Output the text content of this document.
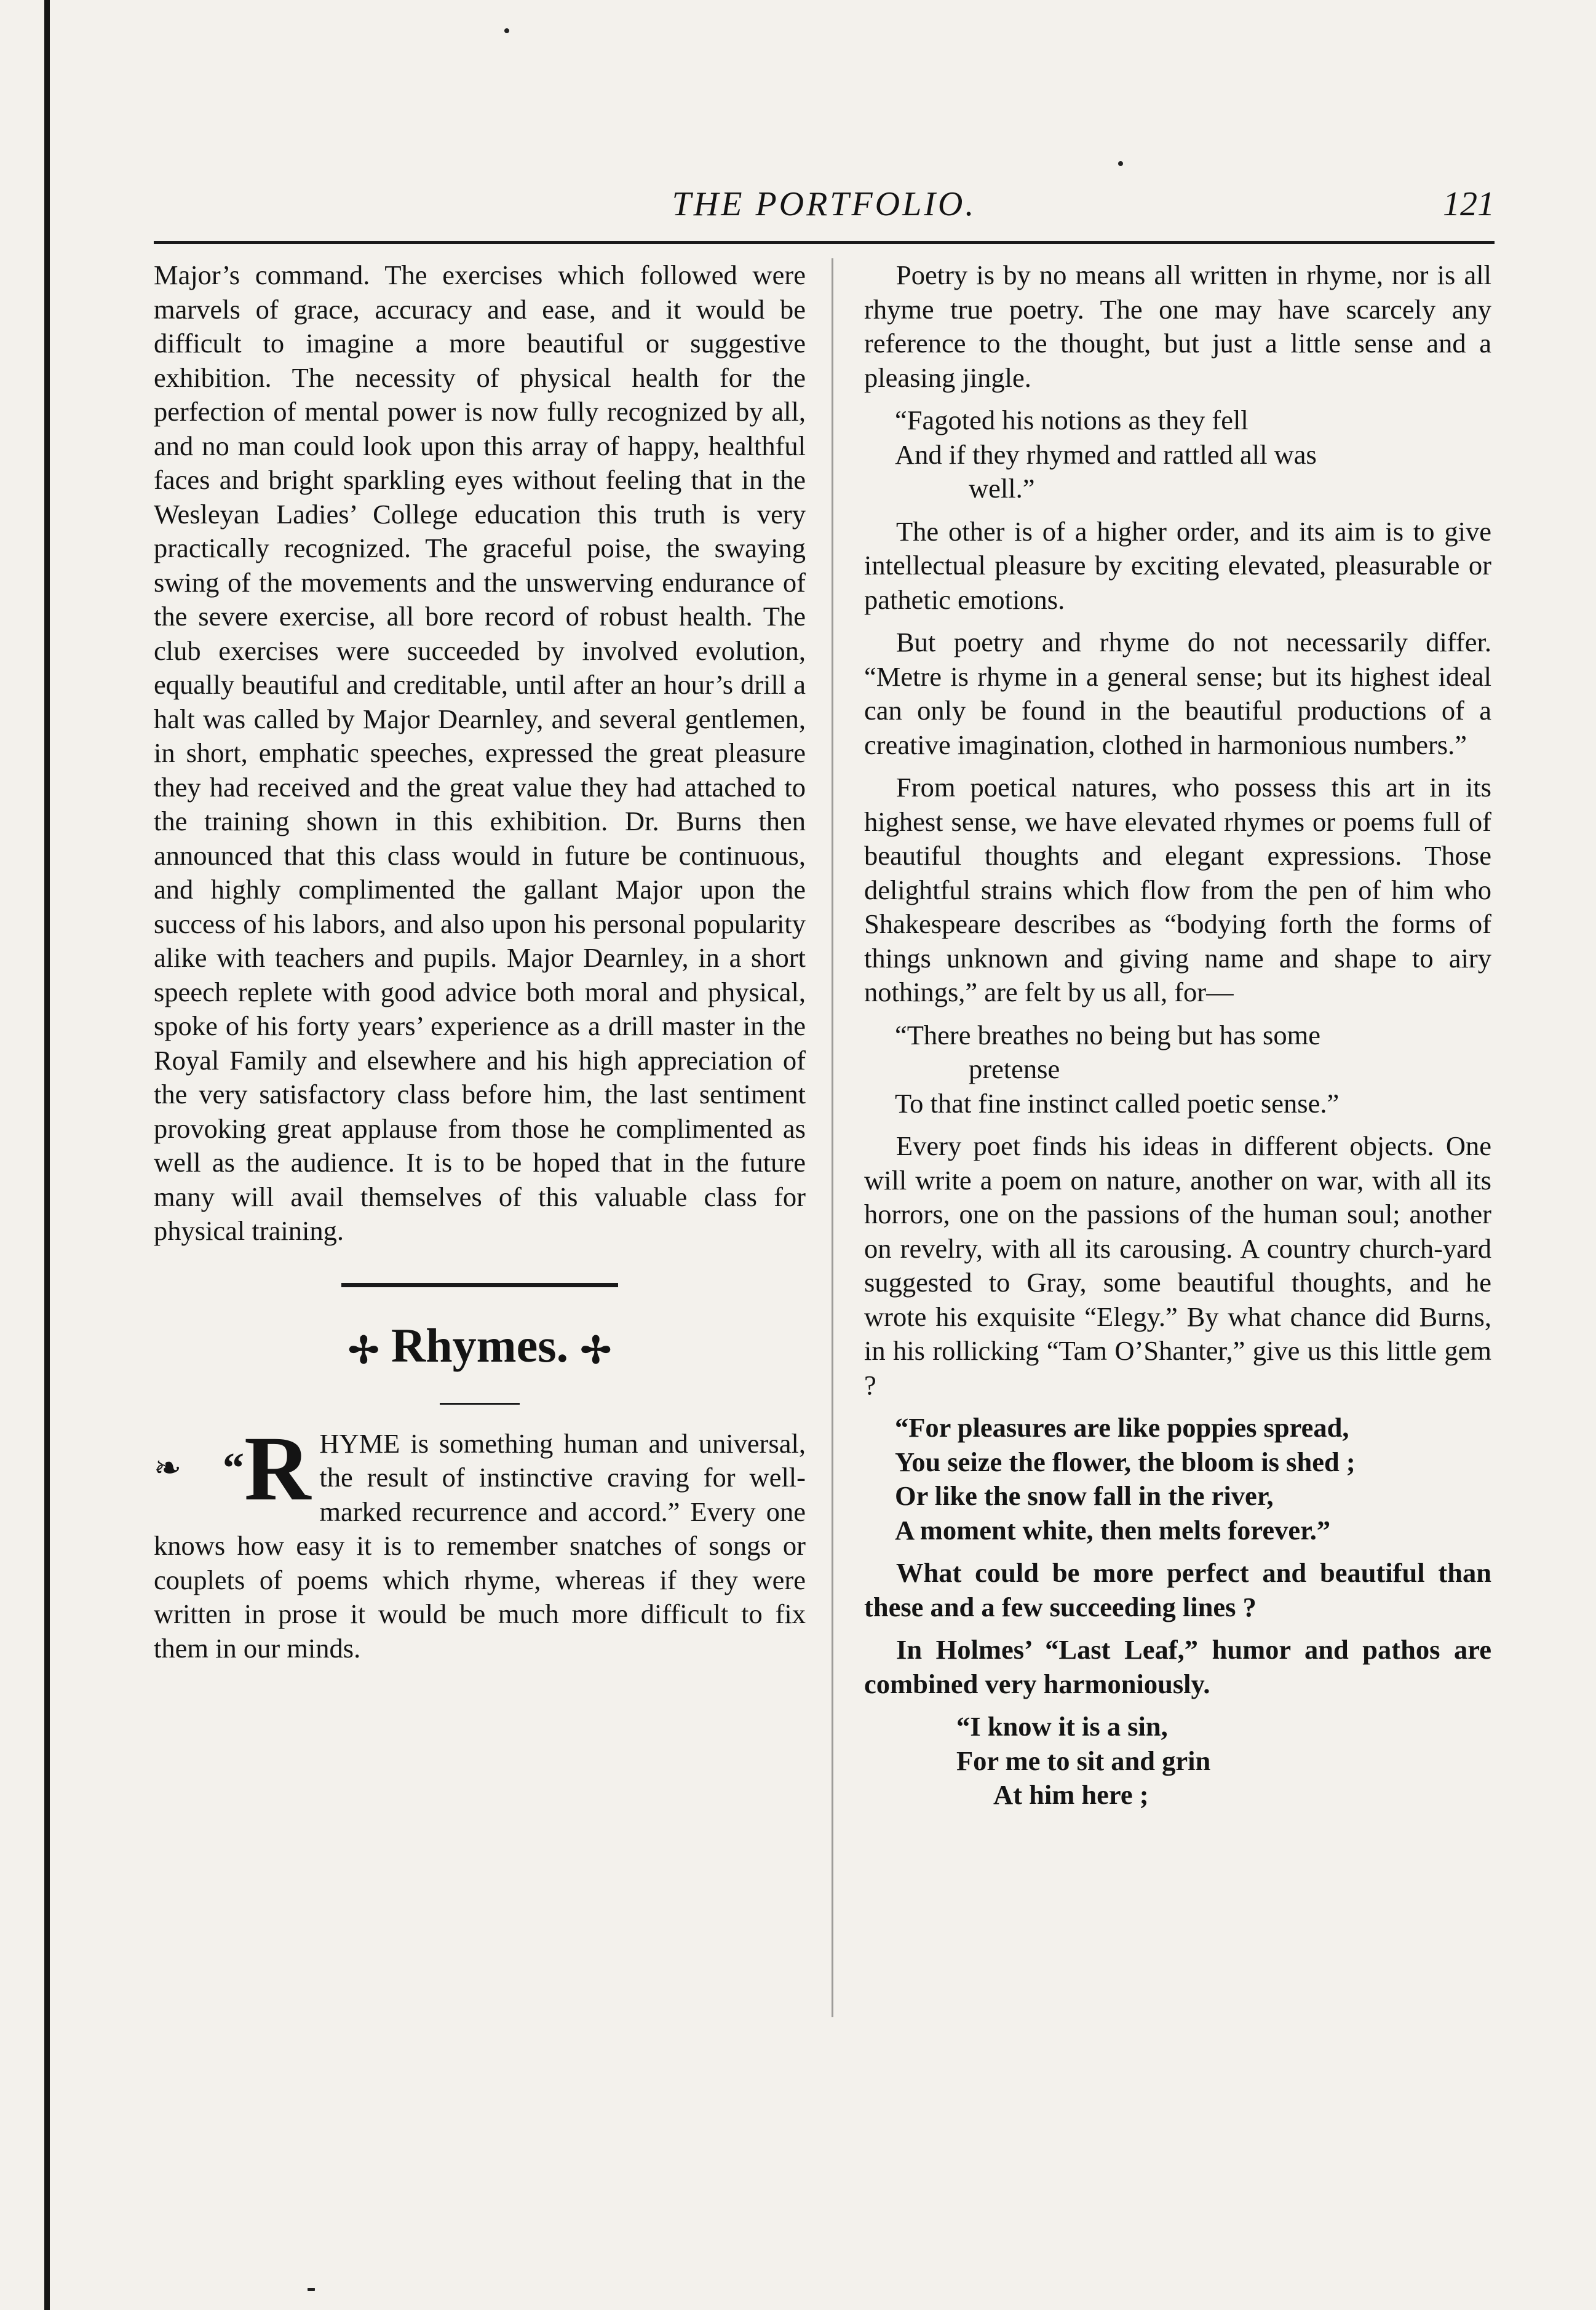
THE PORTFOLIO.	121

Major’s command. The exercises which followed were marvels of grace, accuracy and ease, and it would be difficult to imagine a more beautiful or suggestive exhibition. The necessity of physical health for the perfection of mental power is now fully recognized by all, and no man could look upon this array of happy, healthful faces and bright sparkling eyes without feeling that in the Wesleyan Ladies’ College education this truth is very practically recognized. The graceful poise, the swaying swing of the movements and the unswerving endurance of the severe exercise, all bore record of robust health. The club exercises were succeeded by involved evolution, equally beautiful and creditable, until after an hour’s drill a halt was called by Major Dearnley, and several gentlemen, in short, emphatic speeches, expressed the great pleasure they had received and the great value they had attached to the training shown in this exhibition. Dr. Burns then announced that this class would in future be continuous, and highly complimented the gallant Major upon the success of his labors, and also upon his personal popularity alike with teachers and pupils. Major Dearnley, in a short speech replete with good advice both moral and physical, spoke of his forty years’ experience as a drill master in the Royal Family and elsewhere and his high appreciation of the very satisfactory class before him, the last sentiment provoking great applause from those he complimented as well as the audience. It is to be hoped that in the future many will avail themselves of this valuable class for physical training.

✢ Rhymes. ✢
❧ “R HYME is something human and universal, the result of instinctive craving for well-marked recurrence and accord.” Every one knows how easy it is to remember snatches of songs or couplets of poems which rhyme, whereas if they were written in prose it would be much more difficult to fix them in our minds.

Poetry is by no means all written in rhyme, nor is all rhyme true poetry. The one may have scarcely any reference to the thought, but just a little sense and a pleasing jingle.

“Fagoted his notions as they fell
And if they rhymed and rattled all was
well.”

The other is of a higher order, and its aim is to give intellectual pleasure by exciting elevated, pleasurable or pathetic emotions.

But poetry and rhyme do not necessarily differ. “Metre is rhyme in a general sense; but its highest ideal can only be found in the beautiful productions of a creative imagination, clothed in harmonious numbers.”

From poetical natures, who possess this art in its highest sense, we have elevated rhymes or poems full of beautiful thoughts and elegant expressions. Those delightful strains which flow from the pen of him who Shakespeare describes as “bodying forth the forms of things unknown and giving name and shape to airy nothings,” are felt by us all, for—

“There breathes no being but has some
pretense
To that fine instinct called poetic sense.”

Every poet finds his ideas in different objects. One will write a poem on nature, another on war, with all its horrors, one on the passions of the human soul; another on revelry, with all its carousing. A country church-yard suggested to Gray, some beautiful thoughts, and he wrote his exquisite “Elegy.” By what chance did Burns, in his rollicking “Tam O’Shanter,” give us this little gem ?

“For pleasures are like poppies spread,
You seize the flower, the bloom is shed ;
Or like the snow fall in the river,
A moment white, then melts forever.”

What could be more perfect and beautiful than these and a few succeeding lines ?

In Holmes’ “Last Leaf,” humor and pathos are combined very harmoniously.

“I know it is a sin,
For me to sit and grin
At him here ;
